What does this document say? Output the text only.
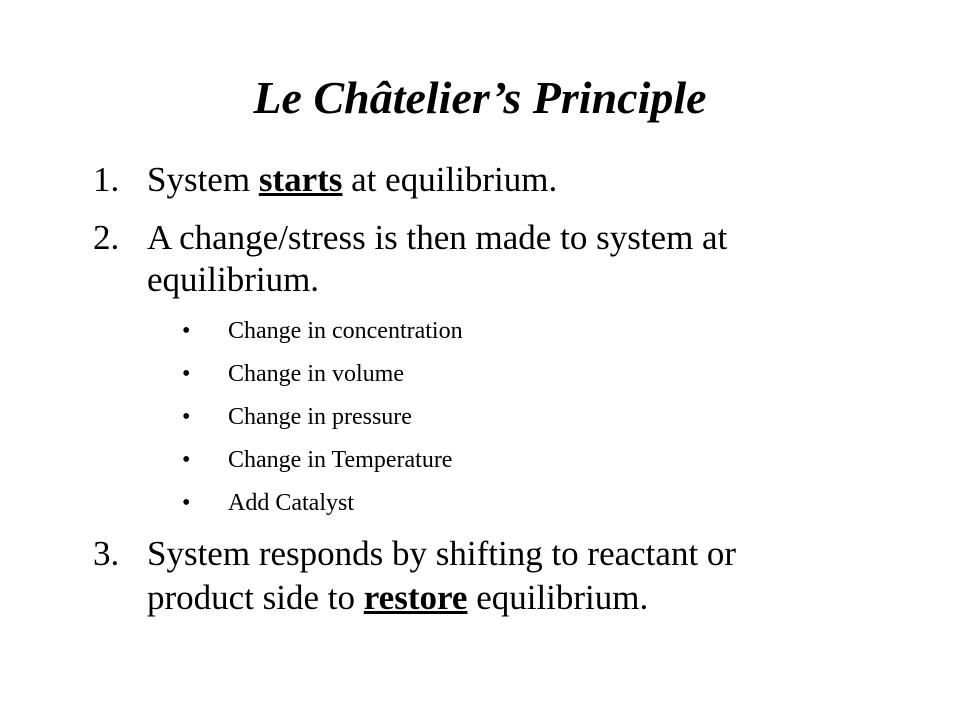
Le Châtelier’s Principle
1. System starts at equilibrium.
2. A change/stress is then made to system at
equilibrium.
• Change in concentration
• Change in volume
• Change in pressure
• Change in Temperature
• Add Catalyst
3. System responds by shifting to reactant or
product side to restore equilibrium.
